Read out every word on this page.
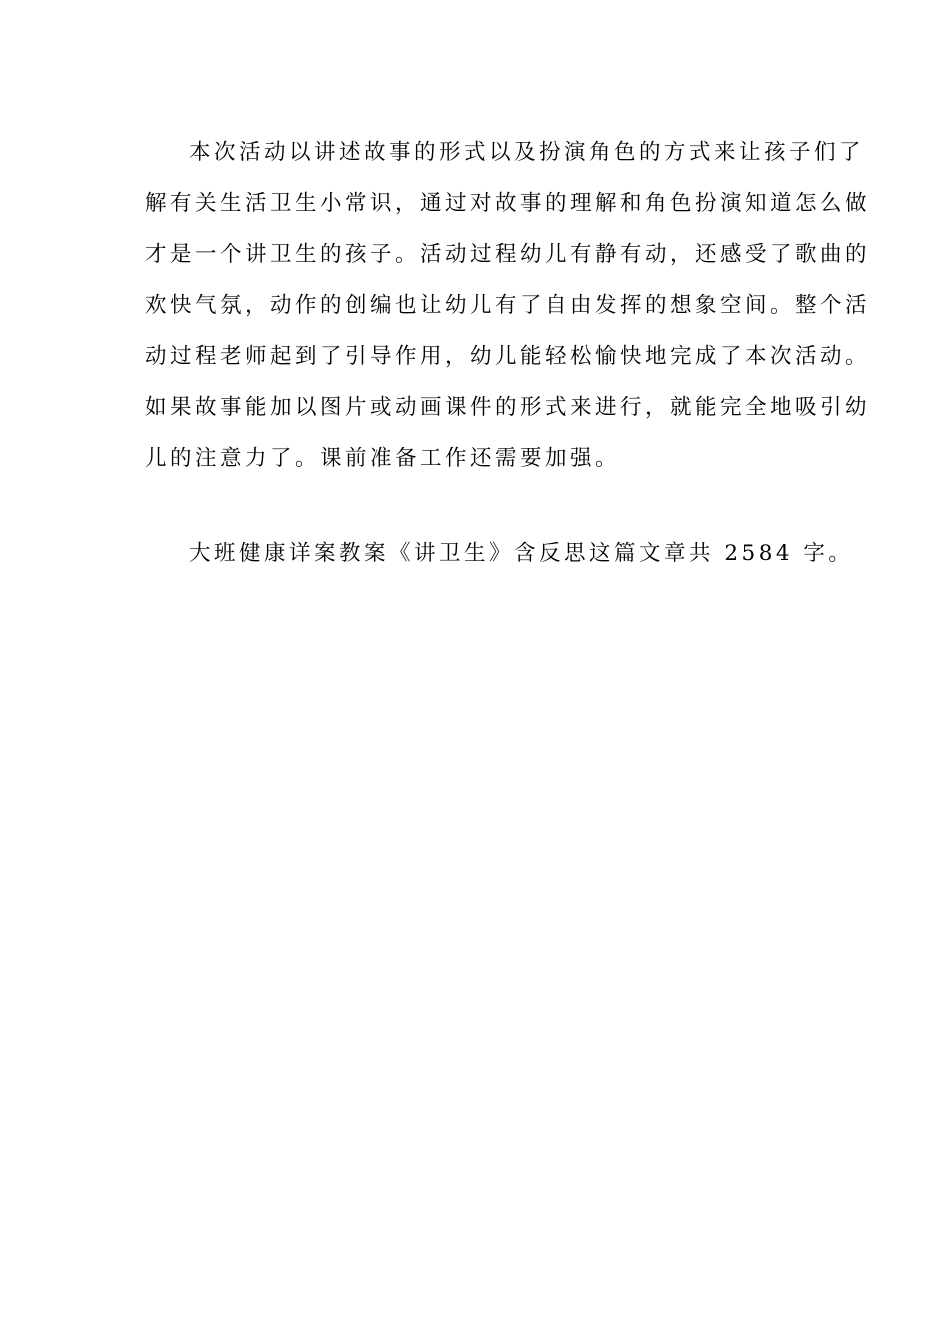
本次活动以讲述故事的形式以及扮演角色的方式来让孩子们了
解有关生活卫生小常识，通过对故事的理解和角色扮演知道怎么做
才是一个讲卫生的孩子。活动过程幼儿有静有动，还感受了歌曲的
欢快气氛，动作的创编也让幼儿有了自由发挥的想象空间。整个活
动过程老师起到了引导作用，幼儿能轻松愉快地完成了本次活动。
如果故事能加以图片或动画课件的形式来进行，就能完全地吸引幼
儿的注意力了。课前准备工作还需要加强。
大班健康详案教案《讲卫生》含反思这篇文章共 2584 字。
